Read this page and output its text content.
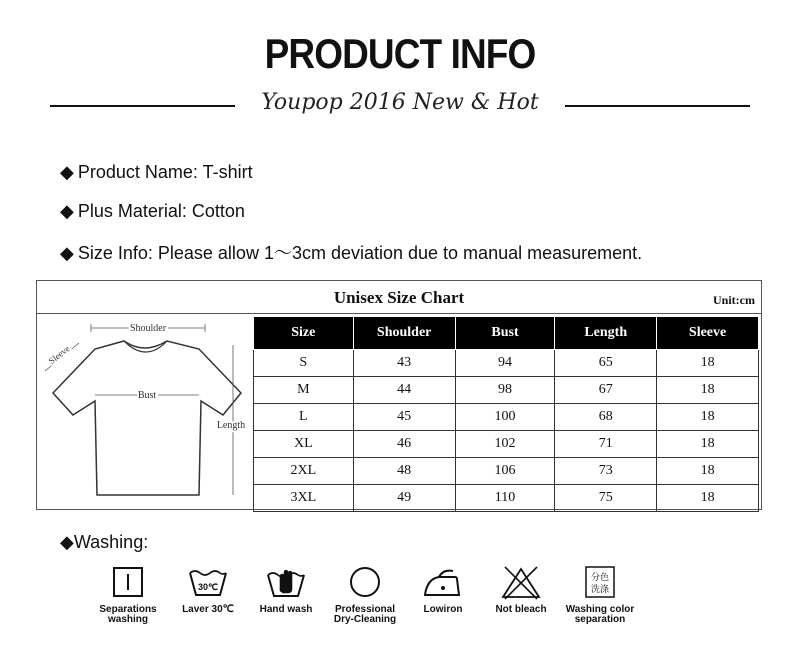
PRODUCT INFO
Youpop 2016 New & Hot
◆ Product Name: T-shirt
◆ Plus Material: Cotton
◆ Size Info: Please allow 1〜3cm deviation due to manual measurement.
Unisex Size Chart	Unit:cm
Shoulder
Bust
Length
Sleeve
Size	Shoulder	Bust	Length	Sleeve
S	43	94	65	18
M	44	98	67	18
L	45	100	68	18
XL	46	102	71	18
2XL	48	106	73	18
3XL	49	110	75	18
◆Washing:
Separations
washing
30℃
Laver 30℃	Hand wash	Professional
Dry-Cleaning
Lowiron	Not bleach
分色
洗涤
Washing color
separation
